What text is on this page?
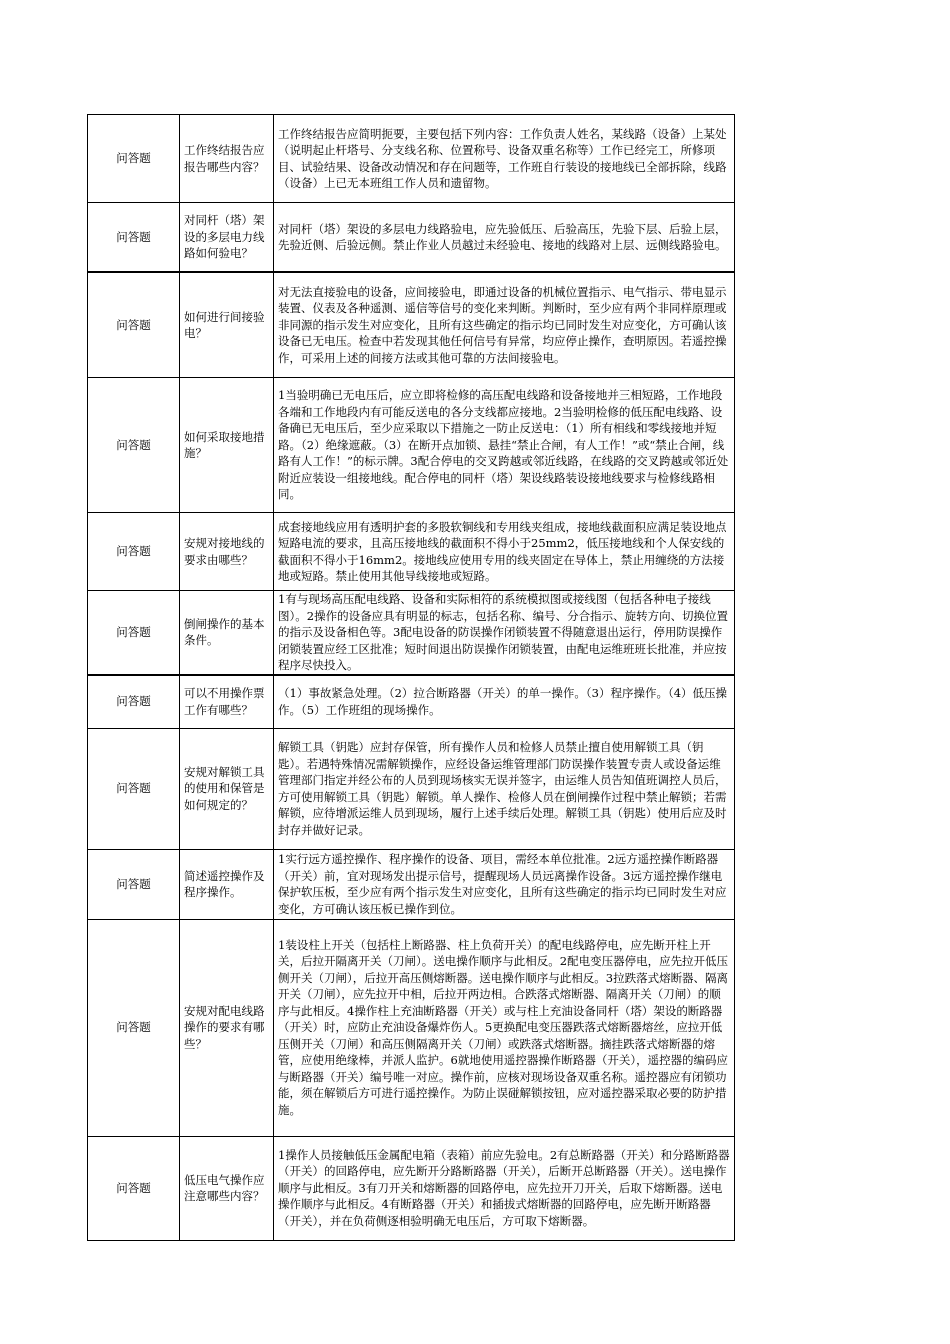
问答题	工作终结报告应报告哪些内容？	工作终结报告应简明扼要，主要包括下列内容：工作负责人姓名，某线路（设备）上某处（说明起止杆塔号、分支线名称、位置称号、设备双重名称等）工作已经完工，所修项目、试验结果、设备改动情况和存在问题等，工作班自行装设的接地线已全部拆除，线路（设备）上已无本班组工作人员和遗留物。
问答题	对同杆（塔）架设的多层电力线路如何验电？	对同杆（塔）架设的多层电力线路验电，应先验低压、后验高压，先验下层、后验上层，先验近侧、后验远侧。禁止作业人员越过未经验电、接地的线路对上层、远侧线路验电。
问答题	如何进行间接验电？	对无法直接验电的设备，应间接验电，即通过设备的机械位置指示、电气指示、带电显示装置、仪表及各种遥测、遥信等信号的变化来判断。判断时，至少应有两个非同样原理或非同源的指示发生对应变化，且所有这些确定的指示均已同时发生对应变化，方可确认该设备已无电压。检查中若发现其他任何信号有异常，均应停止操作，查明原因。若遥控操作，可采用上述的间接方法或其他可靠的方法间接验电。
问答题	如何采取接地措施？	1当验明确已无电压后，应立即将检修的高压配电线路和设备接地并三相短路，工作地段各端和工作地段内有可能反送电的各分支线都应接地。2当验明检修的低压配电线路、设备确已无电压后，至少应采取以下措施之一防止反送电：（1）所有相线和零线接地并短路。（2）绝缘遮蔽。（3）在断开点加锁、悬挂“禁止合闸，有人工作！”或“禁止合闸，线路有人工作！”的标示牌。3配合停电的交叉跨越或邻近线路，在线路的交叉跨越或邻近处附近应装设一组接地线。配合停电的同杆（塔）架设线路装设接地线要求与检修线路相同。
问答题	安规对接地线的要求由哪些？	成套接地线应用有透明护套的多股软铜线和专用线夹组成，接地线截面积应满足装设地点短路电流的要求，且高压接地线的截面积不得小于25mm2，低压接地线和个人保安线的截面积不得小于16mm2。接地线应使用专用的线夹固定在导体上，禁止用缠绕的方法接地或短路。禁止使用其他导线接地或短路。
问答题	倒闸操作的基本条件。	1有与现场高压配电线路、设备和实际相符的系统模拟图或接线图（包括各种电子接线图）。2操作的设备应具有明显的标志，包括名称、编号、分合指示、旋转方向、切换位置的指示及设备相色等。3配电设备的防误操作闭锁装置不得随意退出运行，停用防误操作闭锁装置应经工区批准；短时间退出防误操作闭锁装置，由配电运维班班长批准，并应按程序尽快投入。
问答题	可以不用操作票工作有哪些？	（1）事故紧急处理。（2）拉合断路器（开关）的单一操作。（3）程序操作。（4）低压操作。（5）工作班组的现场操作。
问答题	安规对解锁工具的使用和保管是如何规定的？	解锁工具（钥匙）应封存保管，所有操作人员和检修人员禁止擅自使用解锁工具（钥匙）。若遇特殊情况需解锁操作，应经设备运维管理部门防误操作装置专责人或设备运维管理部门指定并经公布的人员到现场核实无误并签字，由运维人员告知值班调控人员后，方可使用解锁工具（钥匙）解锁。单人操作、检修人员在倒闸操作过程中禁止解锁；若需解锁，应待增派运维人员到现场，履行上述手续后处理。解锁工具（钥匙）使用后应及时封存并做好记录。
问答题	简述遥控操作及程序操作。	1实行远方遥控操作、程序操作的设备、项目，需经本单位批准。2远方遥控操作断路器（开关）前，宜对现场发出提示信号，提醒现场人员远离操作设备。3远方遥控操作继电保护软压板，至少应有两个指示发生对应变化，且所有这些确定的指示均已同时发生对应变化，方可确认该压板已操作到位。
问答题	安规对配电线路操作的要求有哪些？	1装设柱上开关（包括柱上断路器、柱上负荷开关）的配电线路停电，应先断开柱上开关，后拉开隔离开关（刀闸）。送电操作顺序与此相反。2配电变压器停电，应先拉开低压侧开关（刀闸），后拉开高压侧熔断器。送电操作顺序与此相反。3拉跌落式熔断器、隔离开关（刀闸），应先拉开中相，后拉开两边相。合跌落式熔断器、隔离开关（刀闸）的顺序与此相反。4操作柱上充油断路器（开关）或与柱上充油设备同杆（塔）架设的断路器（开关）时，应防止充油设备爆炸伤人。5更换配电变压器跌落式熔断器熔丝，应拉开低压侧开关（刀闸）和高压侧隔离开关（刀闸）或跌落式熔断器。摘挂跌落式熔断器的熔管，应使用绝缘棒，并派人监护。6就地使用遥控器操作断路器（开关），遥控器的编码应与断路器（开关）编号唯一对应。操作前，应核对现场设备双重名称。遥控器应有闭锁功能，须在解锁后方可进行遥控操作。为防止误碰解锁按钮，应对遥控器采取必要的防护措施。
问答题	低压电气操作应注意哪些内容？	1操作人员接触低压金属配电箱（表箱）前应先验电。2有总断路器（开关）和分路断路器（开关）的回路停电，应先断开分路断路器（开关），后断开总断路器（开关）。送电操作顺序与此相反。3有刀开关和熔断器的回路停电，应先拉开刀开关，后取下熔断器。送电操作顺序与此相反。4有断路器（开关）和插拔式熔断器的回路停电，应先断开断路器（开关），并在负荷侧逐相验明确无电压后，方可取下熔断器。
